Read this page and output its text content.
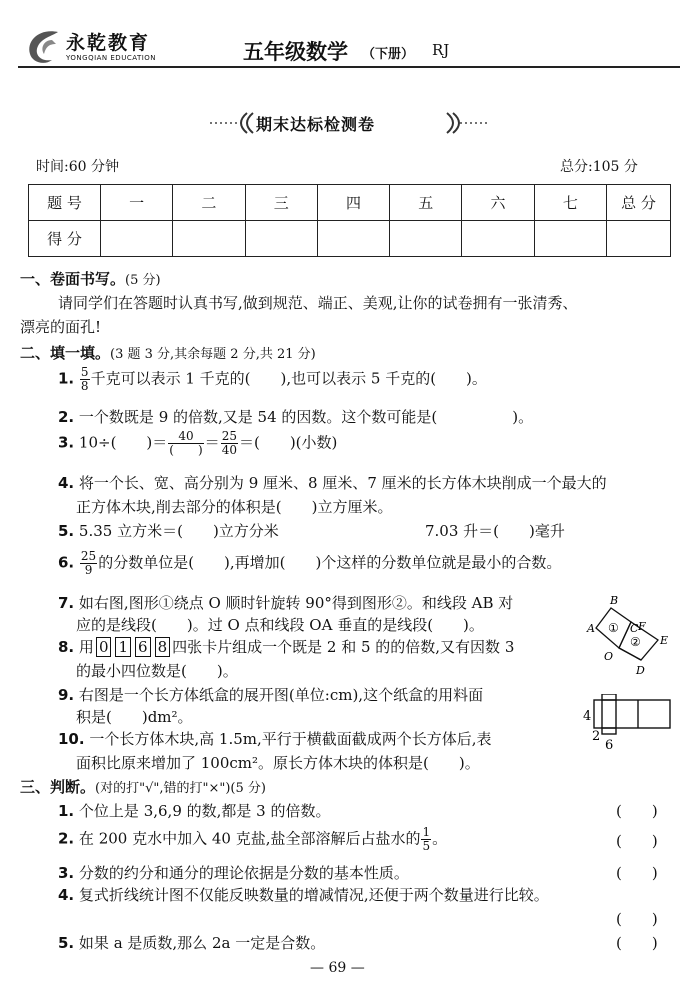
永乾教育
YONGQIAN EDUCATION	五年级数学 （下册） RJ
期末达标检测卷
时间:60 分钟	总分:105 分
题 号	一	二	三	四	五	六	七	总 分
得 分								
一、卷面书写。(5 分)
请同学们在答题时认真书写,做到规范、端正、美观,让你的试卷拥有一张清秀、
漂亮的面孔!
二、填一填。(3 题 3 分,其余每题 2 分,共 21 分)
1. $\frac{5}{8}$ 千克可以表示 1 千克的(　　),也可以表示 5 千克的(　　)。
2. 一个数既是 9 的倍数,又是 54 的因数。这个数可能是(　　　　　)。
3. 10÷(　　)＝ $\frac{40}{( )} = \frac{25}{40}$ ＝(　　)(小数)
4. 将一个长、宽、高分别为 9 厘米、8 厘米、7 厘米的长方体木块削成一个最大的
正方体木块,削去部分的体积是(　　)立方厘米。
5. 5.35 立方米＝(　　)立方分米	7.03 升＝(　　)毫升
6. $\frac{25}{9}$ 的分数单位是(　　),再增加(　　)个这样的分数单位就是最小的合数。
7. 如右图,图形①绕点 O 顺时针旋转 90°得到图形②。和线段 AB 对
应的是线段(　　)。过 O 点和线段 OA 垂直的是线段(　　)。
B
A	C F
O
E
D
①
②
8. 用 0 1 6 8 四张卡片组成一个既是 2 和 5 的的倍数,又有因数 3
的最小四位数是(　　)。
9. 右图是一个长方体纸盒的展开图(单位:cm),这个纸盒的用料面
积是(　　)dm²。	4
2
6
10. 一个长方体木块,高 1.5m,平行于横截面截成两个长方体后,表
面积比原来增加了 100cm²。原长方体木块的体积是(　　)。
三、判断。(对的打"√",错的打"×")(5 分)
1. 个位上是 3,6,9 的数,都是 3 的倍数。	(　　)
2. 在 200 克水中加入 40 克盐,盐全部溶解后占盐水的 $\frac{1}{5}$ 。	(　　)
3. 分数的约分和通分的理论依据是分数的基本性质。	(　　)
4. 复式折线统计图不仅能反映数量的增减情况,还便于两个数量进行比较。
(　　)
5. 如果 a 是质数,那么 2a 一定是合数。	(　　)
— 69 —
